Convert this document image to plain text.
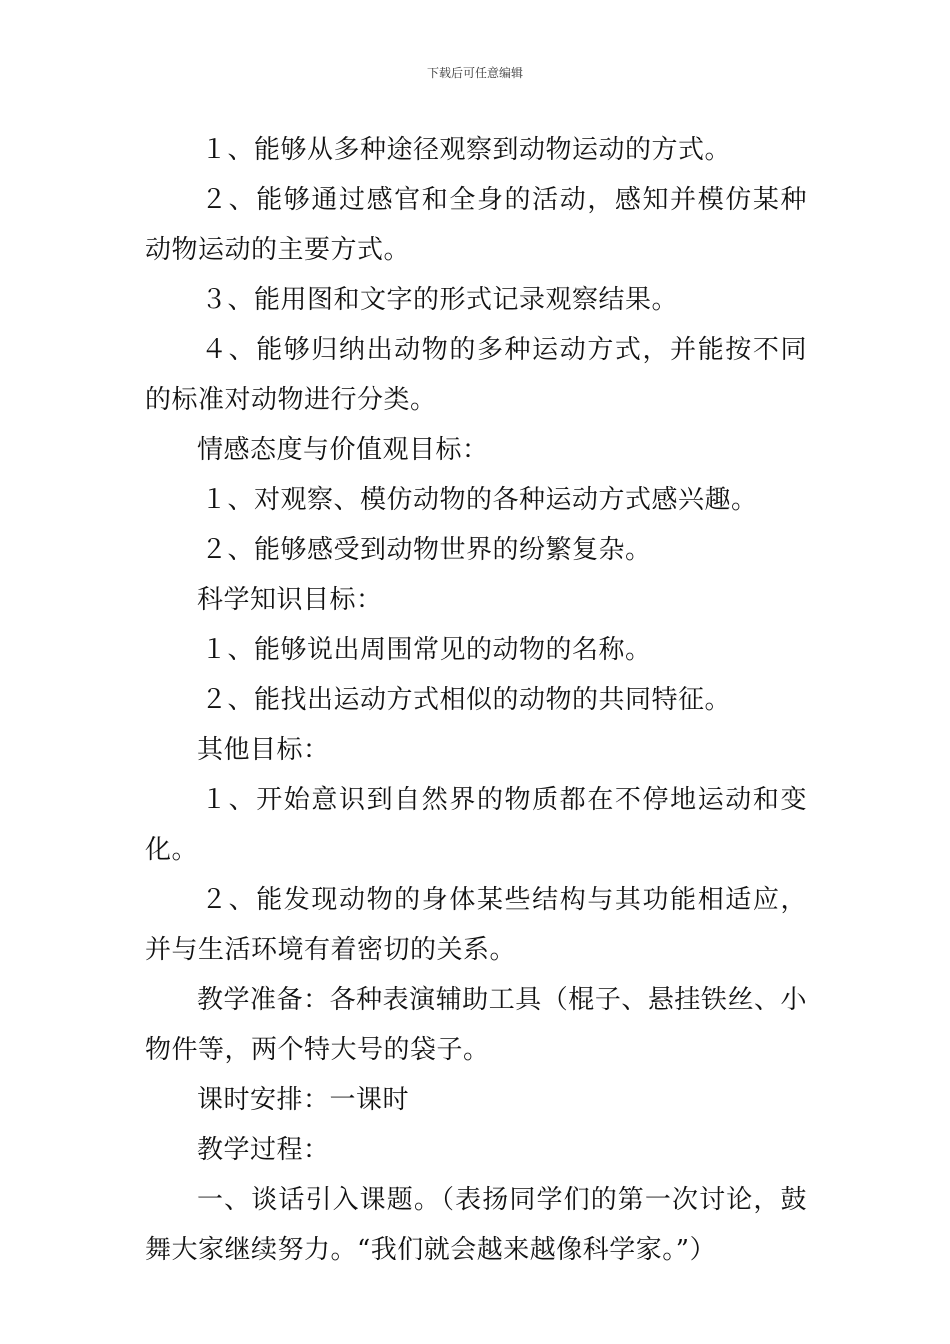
下载后可任意编辑

１、能够从多种途径观察到动物运动的方式。

２、能够通过感官和全身的活动，感知并模仿某种动物运动的主要方式。

３、能用图和文字的形式记录观察结果。

４、能够归纳出动物的多种运动方式，并能按不同的标准对动物进行分类。

情感态度与价值观目标：

１、对观察、模仿动物的各种运动方式感兴趣。

２、能够感受到动物世界的纷繁复杂。

科学知识目标：

１、能够说出周围常见的动物的名称。

２、能找出运动方式相似的动物的共同特征。

其他目标：

１、开始意识到自然界的物质都在不停地运动和变化。

２、能发现动物的身体某些结构与其功能相适应，并与生活环境有着密切的关系。

教学准备：各种表演辅助工具（棍子、悬挂铁丝、小物件等，两个特大号的袋子。

课时安排：一课时

教学过程：

一、谈话引入课题。（表扬同学们的第一次讨论，鼓舞大家继续努力。“我们就会越来越像科学家。”）
